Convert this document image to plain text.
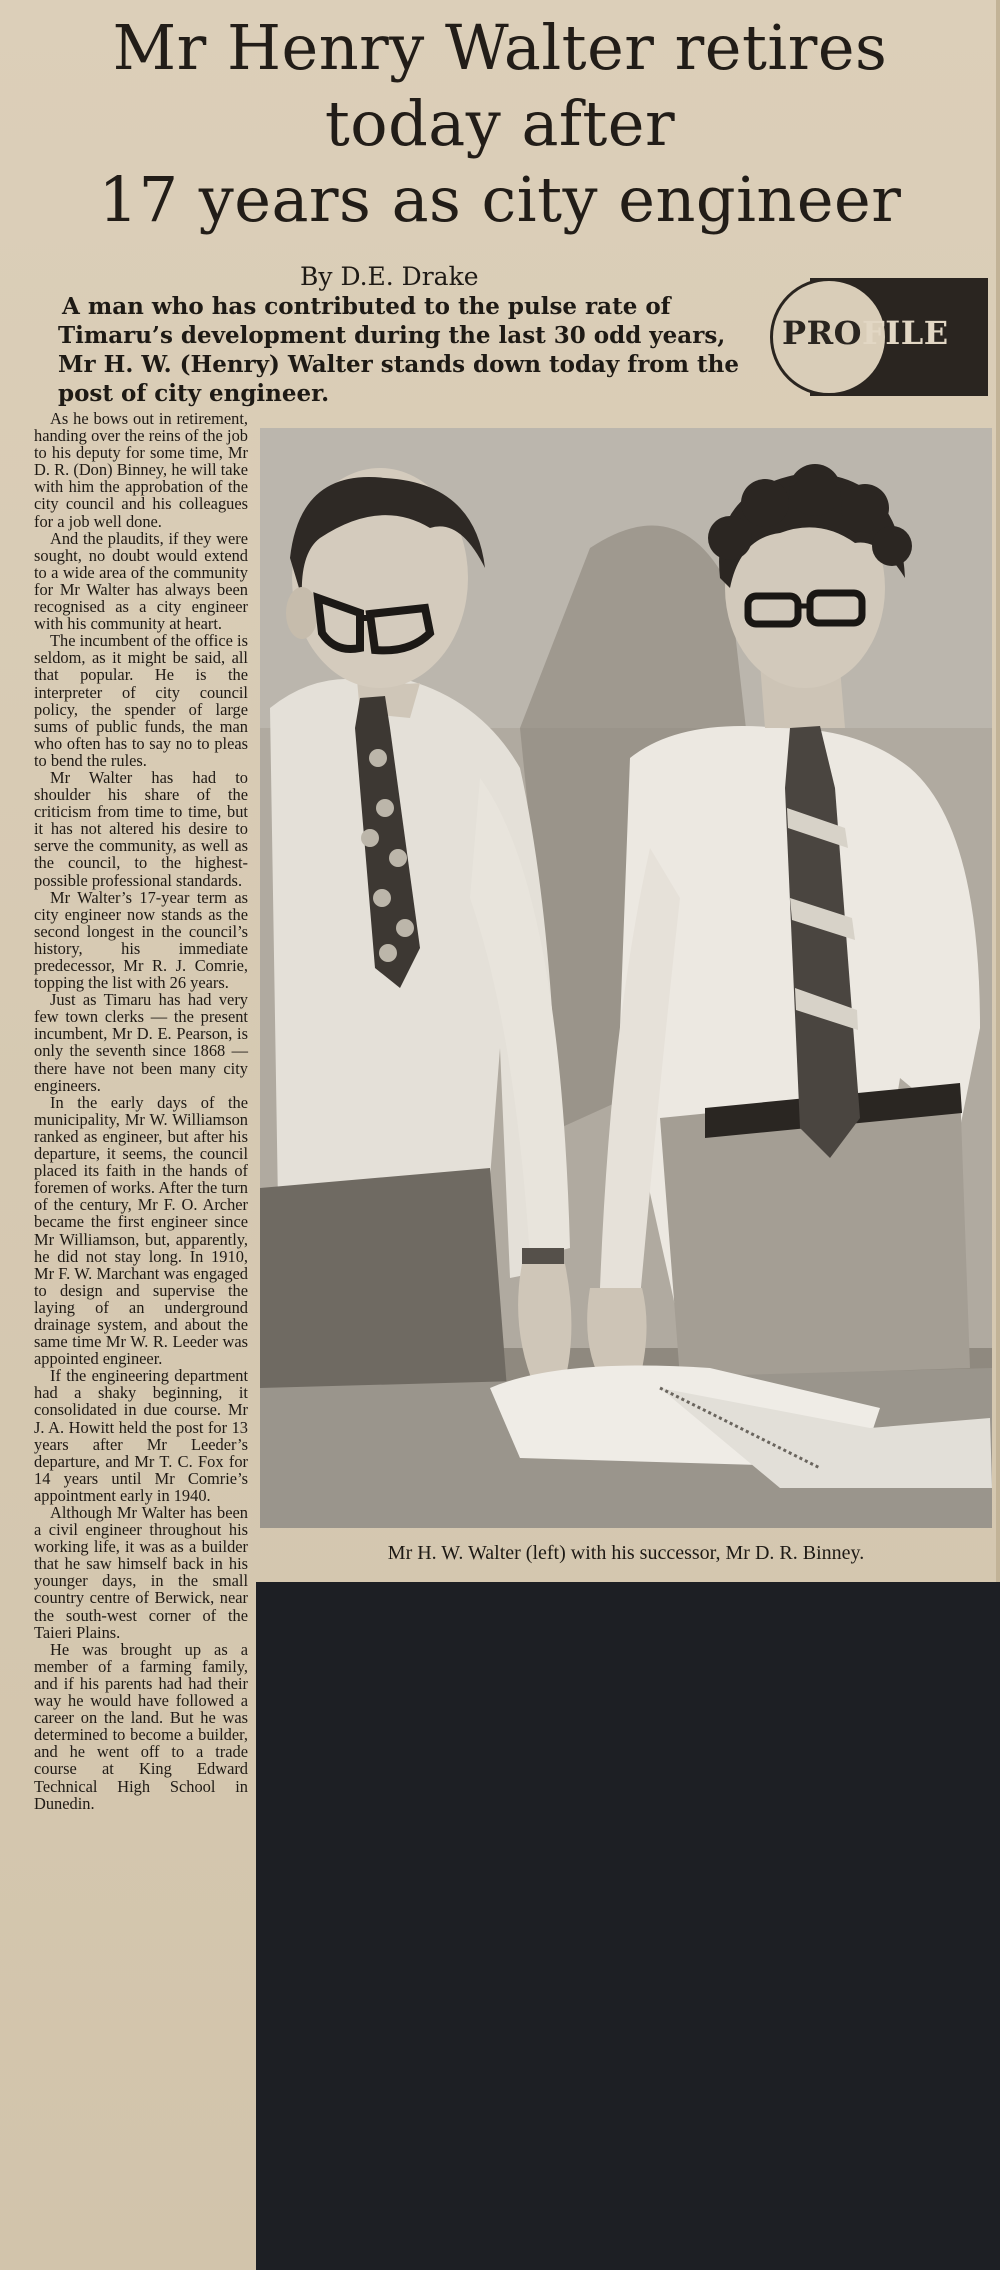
Mr Henry Walter retires
today after
17 years as city engineer
By D.E. Drake
A man who has contributed to the pulse rate of Timaru’s development during the last 30 odd years, Mr H. W. (Henry) Walter stands down today from the post of city engineer.
PROFILE

As he bows out in retirement, handing over the reins of the job to his deputy for some time, Mr D. R. (Don) Binney, he will take with him the approbation of the city council and his colleagues for a job well done.

And the plaudits, if they were sought, no doubt would extend to a wide area of the community for Mr Walter has always been recognised as a city engineer with his community at heart.

The incumbent of the office is seldom, as it might be said, all that popular. He is the interpreter of city council policy, the spender of large sums of public funds, the man who often has to say no to pleas to bend the rules.

Mr Walter has had to shoulder his share of the criticism from time to time, but it has not altered his desire to serve the community, as well as the council, to the highest-possible professional standards.

Mr Walter’s 17-year term as city engineer now stands as the second longest in the council’s history, his immediate predecessor, Mr R. J. Comrie, topping the list with 26 years.

Just as Timaru has had very few town clerks — the present incumbent, Mr D. E. Pearson, is only the seventh since 1868 — there have not been many city engineers.

In the early days of the municipality, Mr W. Williamson ranked as engineer, but after his departure, it seems, the council placed its faith in the hands of foremen of works. After the turn of the century, Mr F. O. Archer became the first engineer since Mr Williamson, but, apparently, he did not stay long. In 1910, Mr F. W. Marchant was engaged to design and supervise the laying of an underground drainage system, and about the same time Mr W. R. Leeder was appointed engineer.

If the engineering department had a shaky beginning, it consolidated in due course. Mr J. A. Howitt held the post for 13 years after Mr Leeder’s departure, and Mr T. C. Fox for 14 years until Mr Comrie’s appointment early in 1940.

Although Mr Walter has been a civil engineer throughout his working life, it was as a builder that he saw himself back in his younger days, in the small country centre of Berwick, near the south-west corner of the Taieri Plains.

He was brought up as a member of a farming family, and if his parents had had their way he would have followed a career on the land. But he was determined to become a builder, and he went off to a trade course at King Edward Technical High School in Dunedin.

Mr H. W. Walter (left) with his successor, Mr D. R. Binney.
